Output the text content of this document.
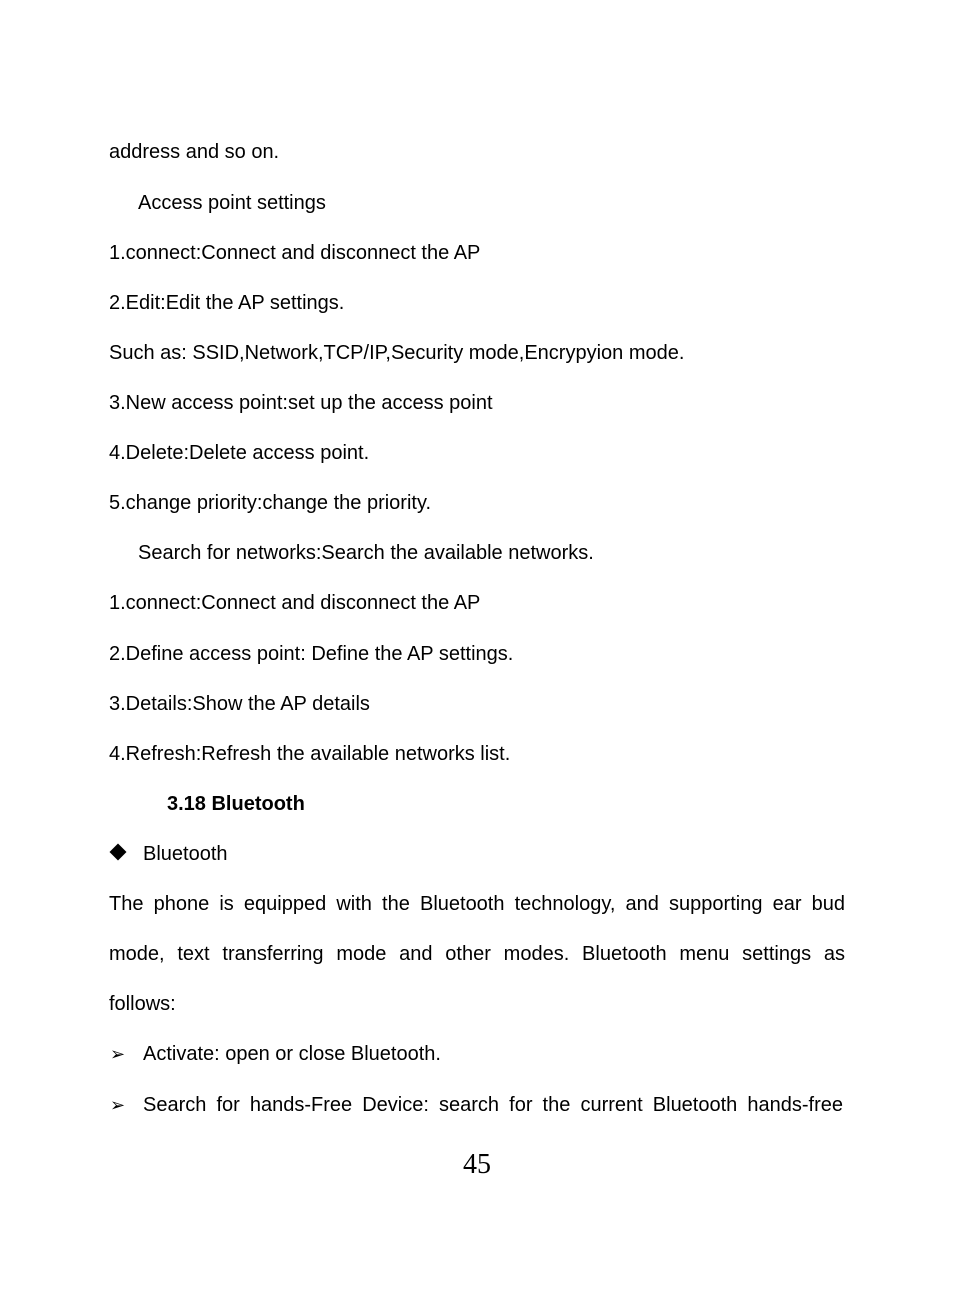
address and so on.
Access point settings
1.connect:Connect and disconnect the AP
2.Edit:Edit the AP settings.
Such as: SSID,Network,TCP/IP,Security mode,Encrypyion mode.
3.New access point:set up the access point
4.Delete:Delete access point.
5.change priority:change the priority.
Search for networks:Search the available networks.
1.connect:Connect and disconnect the AP
2.Define access point: Define the AP settings.
3.Details:Show the AP details
4.Refresh:Refresh the available networks list.
3.18 Bluetooth
Bluetooth
The phone is equipped with the Bluetooth technology, and supporting ear bud
mode, text transferring mode and other modes. Bluetooth menu settings as
follows:
➢ Activate: open or close Bluetooth.
➢ Search for hands-Free Device: search for the current Bluetooth hands-free
45
